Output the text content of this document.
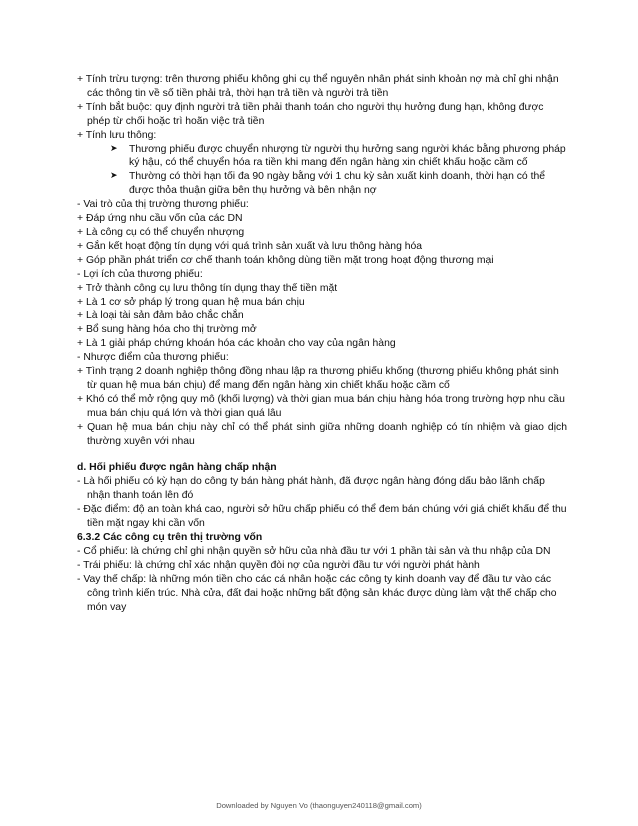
+ Tính trừu tượng: trên thương phiếu không ghi cụ thể nguyên nhân phát sinh khoản nợ mà chỉ ghi nhận các thông tin về số tiền phải trả, thời hạn trả tiền và người trả tiền
+ Tính bắt buộc: quy định người trả tiền phải thanh toán cho người thụ hưởng đung hạn, không được phép từ chối hoặc trì hoãn việc trả tiền
+ Tính lưu thông:
➤ Thương phiếu được chuyển nhượng từ người thụ hưởng sang người khác bằng phương pháp ký hậu, có thể chuyển hóa ra tiền khi mang đến ngân hàng xin chiết khấu hoặc cầm cố
➤ Thường có thời hạn tối đa 90 ngày bằng với 1 chu kỳ sản xuất kinh doanh, thời hạn có thể được thỏa thuận giữa bên thụ hưởng và bên nhận nợ
- Vai trò của thị trường thương phiếu:
+ Đáp ứng nhu cầu vốn của các DN
+ Là công cụ có thể chuyển nhượng
+ Gắn kết hoạt động tín dụng với quá trình sản xuất và lưu thông hàng hóa
+ Góp phần phát triển cơ chế thanh toán không dùng tiền mặt trong hoạt động thương mại
- Lợi ích của thương phiếu:
+ Trở thành công cụ lưu thông tín dụng thay thế tiền mặt
+ Là 1 cơ sở pháp lý trong quan hệ mua bán chịu
+ Là loại tài sản đảm bảo chắc chắn
+ Bổ sung hàng hóa cho thị trường mở
+ Là 1 giải pháp chứng khoán hóa các khoản cho vay của ngân hàng
- Nhược điểm của thương phiếu:
+ Tình trạng 2 doanh nghiệp thông đồng nhau lập ra thương phiếu khống (thương phiếu không phát sinh từ quan hệ mua bán chịu) để mang đến ngân hàng xin chiết khấu hoặc cầm cố
+ Khó có thể mở rộng quy mô (khối lượng) và thời gian mua bán chịu hàng hóa trong trường hợp nhu cầu mua bán chịu quá lớn và thời gian quá lâu
+ Quan hệ mua bán chịu này chỉ có thể phát sinh giữa những doanh nghiệp có tín nhiệm và giao dịch thường xuyên với nhau
d. Hối phiếu được ngân hàng chấp nhận
- Là hối phiếu có kỳ hạn do công ty bán hàng phát hành, đã được ngân hàng đóng dấu bảo lãnh chấp nhận thanh toán lên đó
- Đặc điểm: độ an toàn khá cao, người sở hữu chấp phiếu có thể đem bán chúng với giá chiết khấu để thu tiền mặt ngay khi cần vốn
6.3.2 Các công cụ trên thị trường vốn
- Cổ phiếu: là chứng chỉ ghi nhận quyền sở hữu của nhà đầu tư với 1 phần tài sản và thu nhập của DN
- Trái phiếu: là chứng chỉ xác nhận quyền đòi nợ của người đầu tư với người phát hành
- Vay thế chấp: là những món tiền cho các cá nhân hoặc các công ty kinh doanh vay để đầu tư vào các công trình kiến trúc. Nhà cửa, đất đai hoặc những bất động sản khác được dùng làm vật thế chấp cho món vay
Downloaded by Nguyen Vo (thaonguyen240118@gmail.com)
